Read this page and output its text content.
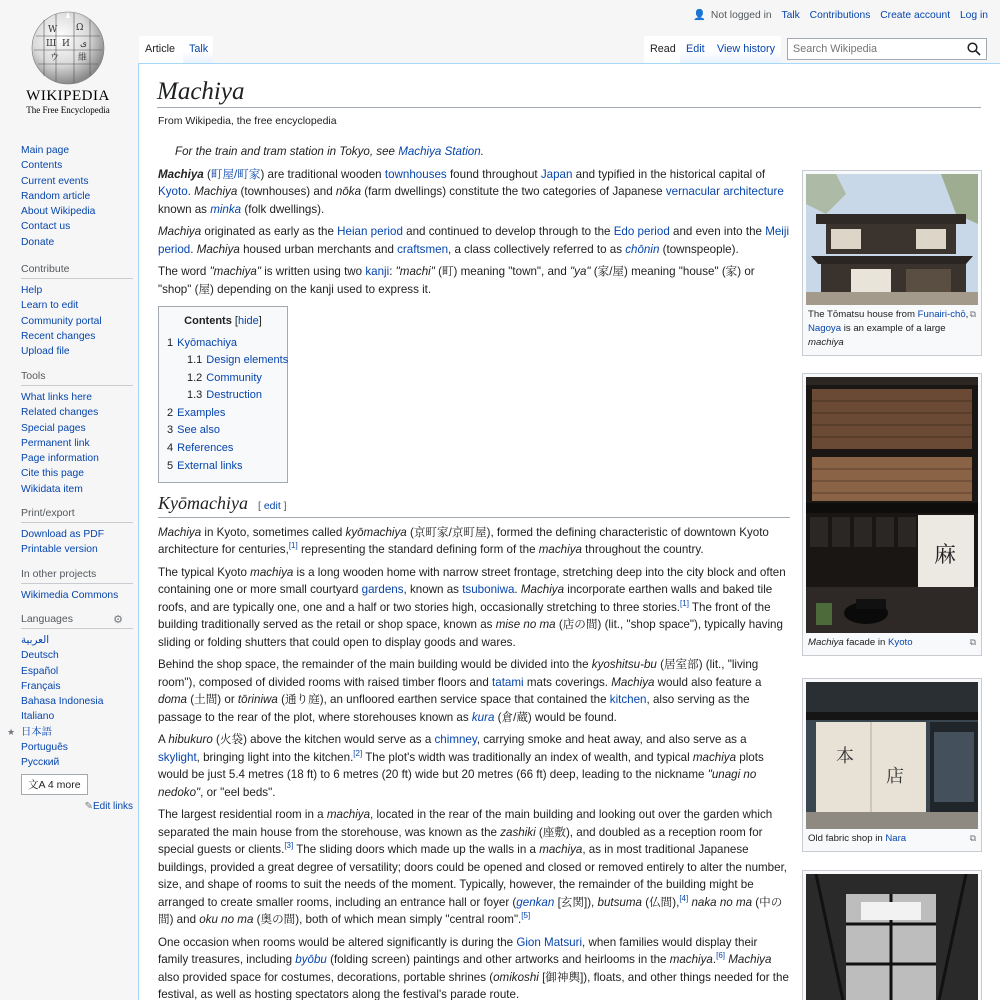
W Ω
Ш И ی
ウ 維
WIKIPEDIA
The Free Encyclopedia
Main page
Contents
Current events
Random article
About Wikipedia
Contact us
Donate
Contribute
Help
Learn to edit
Community portal
Recent changes
Upload file
Tools
What links here
Related changes
Special pages
Permanent link
Page information
Cite this page
Wikidata item
Print/export
Download as PDF
Printable version
In other projects
Wikimedia Commons
Languages	⚙
العربية
Deutsch
Español
Français
Bahasa Indonesia
Italiano
★ 日本語
Português
Русский
文A 4 more
✎Edit links
👤 Not logged in Talk Contributions Create account Log in
Article	Talk	Read Edit	View history
Search Wikipedia
Machiya
From Wikipedia, the free encyclopedia

For the train and tram station in Tokyo, see Machiya Station.

Machiya (町屋/町家) are traditional wooden townhouses found throughout Japan and typified in the historical capital of Kyoto. Machiya (townhouses) and nōka (farm dwellings) constitute the two categories of Japanese vernacular architecture known as minka (folk dwellings).

Machiya originated as early as the Heian period and continued to develop through to the Edo period and even into the Meiji period. Machiya housed urban merchants and craftsmen, a class collectively referred to as chōnin (townspeople).

The word "machiya" is written using two kanji: "machi" (町) meaning "town", and "ya" (家/屋) meaning "house" (家) or "shop" (屋) depending on the kanji used to express it.

Contents [hide]
1 Kyōmachiya
1.1 Design elements
1.2 Community
1.3 Destruction
2 Examples
3 See also
4 References
5 External links
Kyōmachiya [ edit ]

Machiya in Kyoto, sometimes called kyōmachiya (京町家/京町屋), formed the defining characteristic of downtown Kyoto architecture for centuries,[1] representing the standard defining form of the machiya throughout the country.

The typical Kyoto machiya is a long wooden home with narrow street frontage, stretching deep into the city block and often containing one or more small courtyard gardens, known as tsuboniwa. Machiya incorporate earthen walls and baked tile roofs, and are typically one, one and a half or two stories high, occasionally stretching to three stories.[1] The front of the building traditionally served as the retail or shop space, known as mise no ma (店の間) (lit., "shop space"), typically having sliding or folding shutters that could open to display goods and wares.

Behind the shop space, the remainder of the main building would be divided into the kyoshitsu-bu (居室部) (lit., "living room"), composed of divided rooms with raised timber floors and tatami mats coverings. Machiya would also feature a doma (土間) or tōriniwa (通り庭), an unfloored earthen service space that contained the kitchen, also serving as the passage to the rear of the plot, where storehouses known as kura (倉/蔵) would be found.

A hibukuro (火袋) above the kitchen would serve as a chimney, carrying smoke and heat away, and also serve as a skylight, bringing light into the kitchen.[2] The plot's width was traditionally an index of wealth, and typical machiya plots would be just 5.4 metres (18 ft) to 6 metres (20 ft) wide but 20 metres (66 ft) deep, leading to the nickname "unagi no nedoko", or "eel beds".

The largest residential room in a machiya, located in the rear of the main building and looking out over the garden which separated the main house from the storehouse, was known as the zashiki (座敷), and doubled as a reception room for special guests or clients.[3] The sliding doors which made up the walls in a machiya, as in most traditional Japanese buildings, provided a great degree of versatility; doors could be opened and closed or removed entirely to alter the number, size, and shape of rooms to suit the needs of the moment. Typically, however, the remainder of the building might be arranged to create smaller rooms, including an entrance hall or foyer (genkan [玄関]), butsuma (仏間),[4] naka no ma (中の間) and oku no ma (奥の間), both of which mean simply "central room".[5]

One occasion when rooms would be altered significantly is during the Gion Matsuri, when families would display their family treasures, including byōbu (folding screen) paintings and other artworks and heirlooms in the machiya.[6] Machiya also provided space for costumes, decorations, portable shrines (omikoshi [御神輿]), floats, and other things needed for the festival, as well as hosting spectators along the festival's parade route.

⧉
The Tōmatsu house from Funairi-chō, Nagoya is an example of a large machiya
麻
⧉
Machiya facade in Kyoto
本
店
⧉
Old fabric shop in Nara
